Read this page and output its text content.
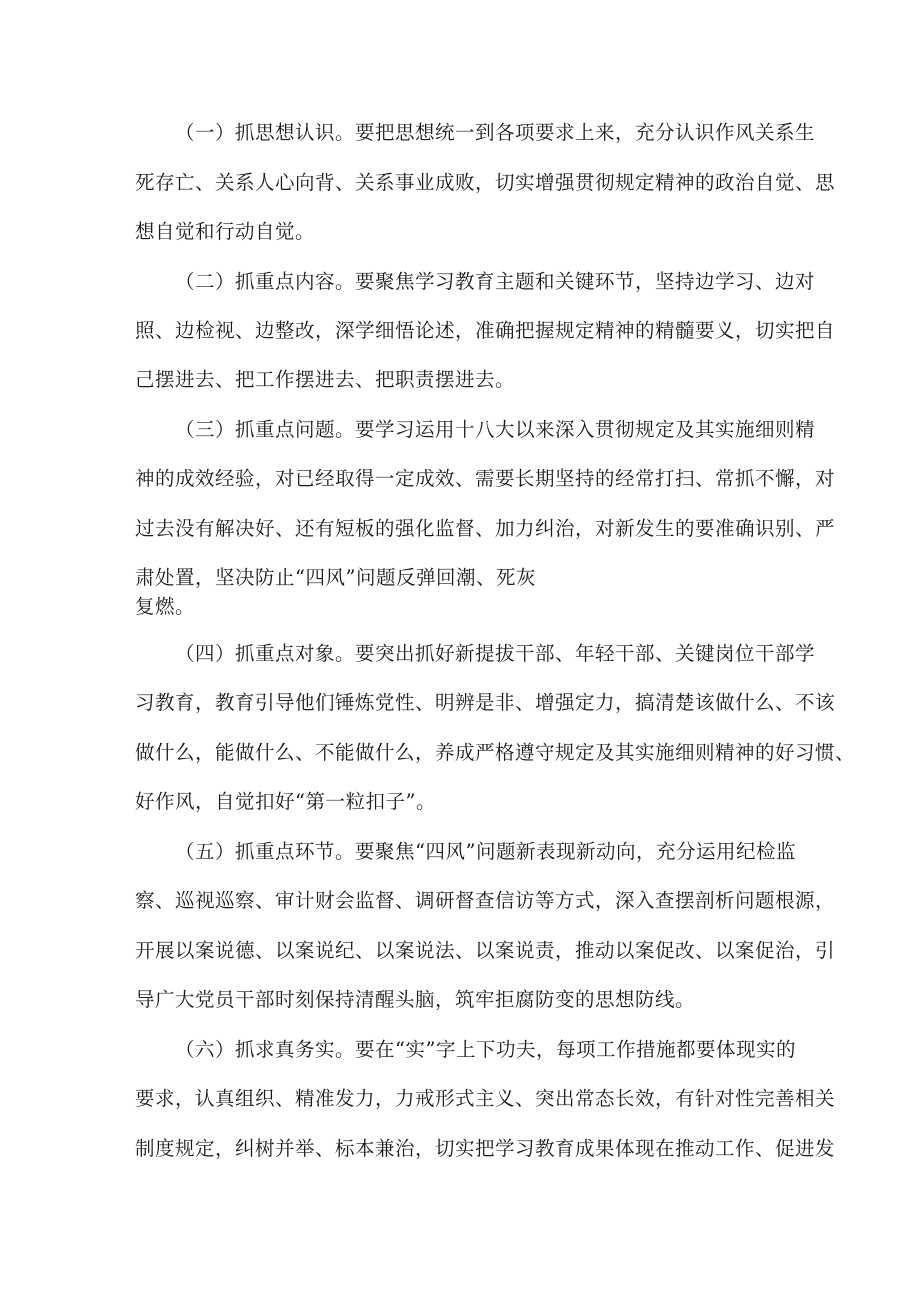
（一）抓思想认识。要把思想统一到各项要求上来，充分认识作风关系生
死存亡、关系人心向背、关系事业成败，切实增强贯彻规定精神的政治自觉、思
想自觉和行动自觉。
（二）抓重点内容。要聚焦学习教育主题和关键环节，坚持边学习、边对
照、边检视、边整改，深学细悟论述，准确把握规定精神的精髓要义，切实把自
己摆进去、把工作摆进去、把职责摆进去。
（三）抓重点问题。要学习运用十八大以来深入贯彻规定及其实施细则精
神的成效经验，对已经取得一定成效、需要长期坚持的经常打扫、常抓不懈，对
过去没有解决好、还有短板的强化监督、加力纠治，对新发生的要准确识别、严
肃处置，坚决防止“四风”问题反弹回潮、死灰
复燃。
（四）抓重点对象。要突出抓好新提拔干部、年轻干部、关键岗位干部学
习教育，教育引导他们锤炼党性、明辨是非、增强定力，搞清楚该做什么、不该
做什么，能做什么、不能做什么，养成严格遵守规定及其实施细则精神的好习惯、
好作风，自觉扣好“第一粒扣子”。
（五）抓重点环节。要聚焦“四风”问题新表现新动向，充分运用纪检监
察、巡视巡察、审计财会监督、调研督查信访等方式，深入查摆剖析问题根源，
开展以案说德、以案说纪、以案说法、以案说责，推动以案促改、以案促治，引
导广大党员干部时刻保持清醒头脑，筑牢拒腐防变的思想防线。
（六）抓求真务实。要在“实”字上下功夫，每项工作措施都要体现实的
要求，认真组织、精准发力，力戒形式主义、突出常态长效，有针对性完善相关
制度规定，纠树并举、标本兼治，切实把学习教育成果体现在推动工作、促进发
